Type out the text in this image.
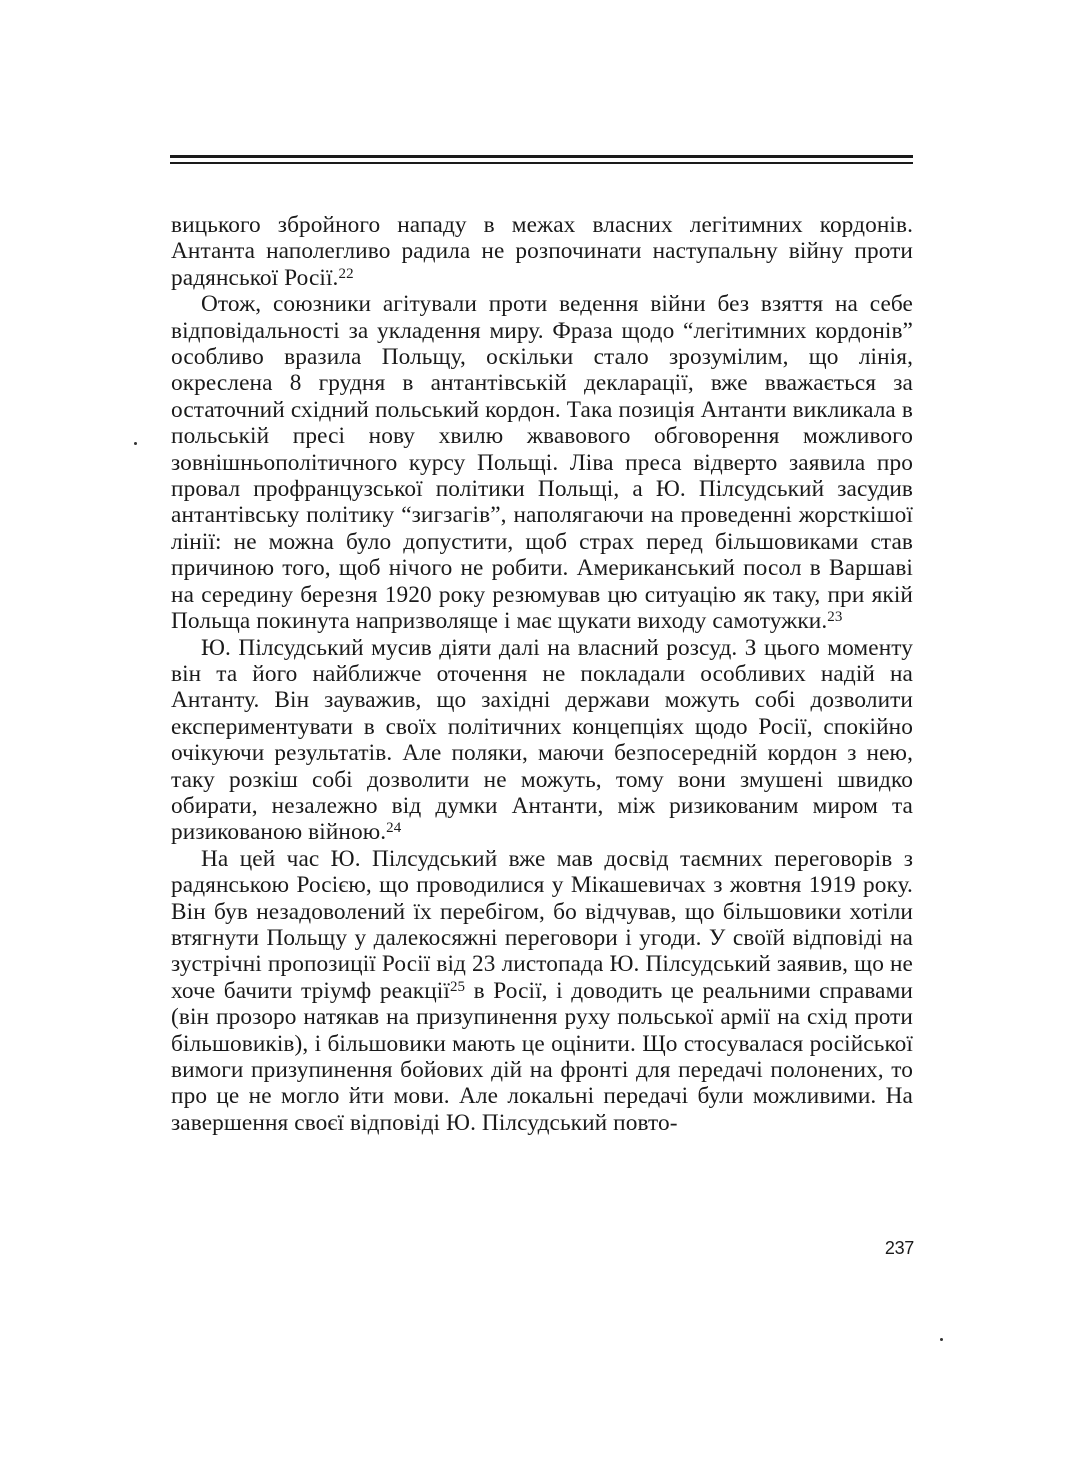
вицького збройного нападу в межах власних легітимних кордонів. Антанта наполегливо радила не розпочинати наступальну війну проти радянської Росії.$^{22}$

Отож, союзники агітували проти ведення війни без взяття на себе відповідальності за укладення миру. Фраза щодо “легітимних кордонів” особливо вразила Польщу, оскільки стало зрозумілим, що лінія, окреслена 8 грудня в антантівській декларації, вже вважається за остаточний східний польський кордон. Така позиція Антанти викликала в польській пресі нову хвилю жвавового обговорення можливого зовнішньополітичного курсу Польщі. Ліва преса відверто заявила про провал профранцузської політики Польщі, а Ю. Пілсудський засудив антантівську політику “зигзагів”, наполягаючи на проведенні жорсткішої лінії: не можна було допустити, щоб страх перед більшовиками став причиною того, щоб нічого не робити. Американський посол в Варшаві на середину березня 1920 року резюмував цю ситуацію як таку, при якій Польща покинута напризволяще і має щукати виходу самотужки.$^{23}$

Ю. Пілсудський мусив діяти далі на власний розсуд. З цього моменту він та його найближче оточення не покладали особливих надій на Антанту. Він зауважив, що західні держави можуть собі дозволити експериментувати в своїх політичних концепціях щодо Росії, спокійно очікуючи результатів. Але поляки, маючи безпосередній кордон з нею, таку розкіш собі дозволити не можуть, тому вони змушені швидко обирати, незалежно від думки Антанти, між ризикованим миром та ризикованою війною.$^{24}$

На цей час Ю. Пілсудський вже мав досвід таємних переговорів з радянською Росією, що проводилися у Мікашевичах з жовтня 1919 року. Він був незадоволений їх перебігом, бо відчував, що більшовики хотіли втягнути Польщу у далекосяжні переговори і угоди. У своїй відповіді на зустрічні пропозиції Росії від 23 листопада Ю. Пілсудський заявив, що не хоче бачити тріумф реакції$^{25}$ в Росії, і доводить це реальними справами (він прозоро натякав на призупинення руху польської армії на схід проти більшовиків), і більшовики мають це оцінити. Що стосувалася російської вимоги призупинення бойових дій на фронті для передачі полонених, то про це не могло йти мови. Але локальні передачі були можливими. На завершення своєї відповіді Ю. Пілсудський повто-

237
